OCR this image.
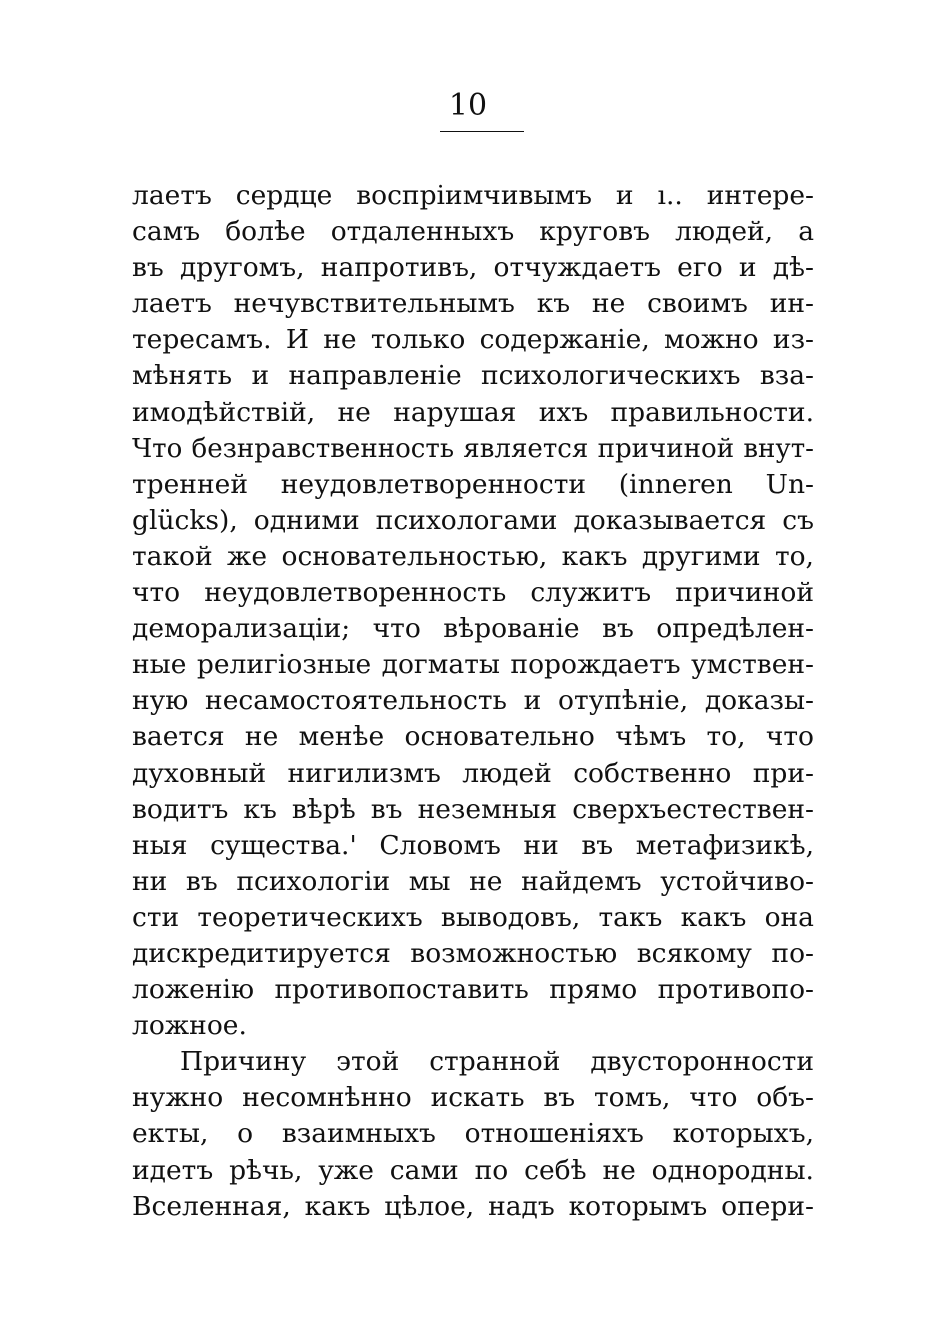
10
лаетъ сердце воспріимчивымъ и ı.. интере-
самъ болѣе отдаленныхъ круговъ людей, а
въ другомъ, напротивъ, отчуждаетъ его и дѣ-
лаетъ нечувствительнымъ къ не своимъ ин-
тересамъ. И не только содержаніе, можно из-
мѣнять и направленіе психологическихъ вза-
имодѣйствій, не нарушая ихъ правильности.
Что безнравственность является причиной внут-
тренней неудовлетворенности (inneren Un-
glücks), одними психологами доказывается съ
такой же основательностью, какъ другими то,
что неудовлетворенность служитъ причиной
деморализаціи; что вѣрованіе въ опредѣлен-
ные религіозные догматы порождаетъ умствен-
ную несамостоятельность и отупѣніе, доказы-
вается не менѣе основательно чѣмъ то, что
духовный нигилизмъ людей собственно при-
водитъ къ вѣрѣ въ неземныя сверхъестествен-
ныя существа.' Словомъ ни въ метафизикѣ,
ни въ психологіи мы не найдемъ устойчиво-
сти теоретическихъ выводовъ, такъ какъ она
дискредитируется возможностью всякому по-
ложенію противопоставить прямо противопо-
ложное.
Причину этой странной двусторонности
нужно несомнѣнно искать въ томъ, что объ-
екты, о взаимныхъ отношеніяхъ которыхъ,
идетъ рѣчь, уже сами по себѣ не однородны.
Вселенная, какъ цѣлое, надъ которымъ опери-
